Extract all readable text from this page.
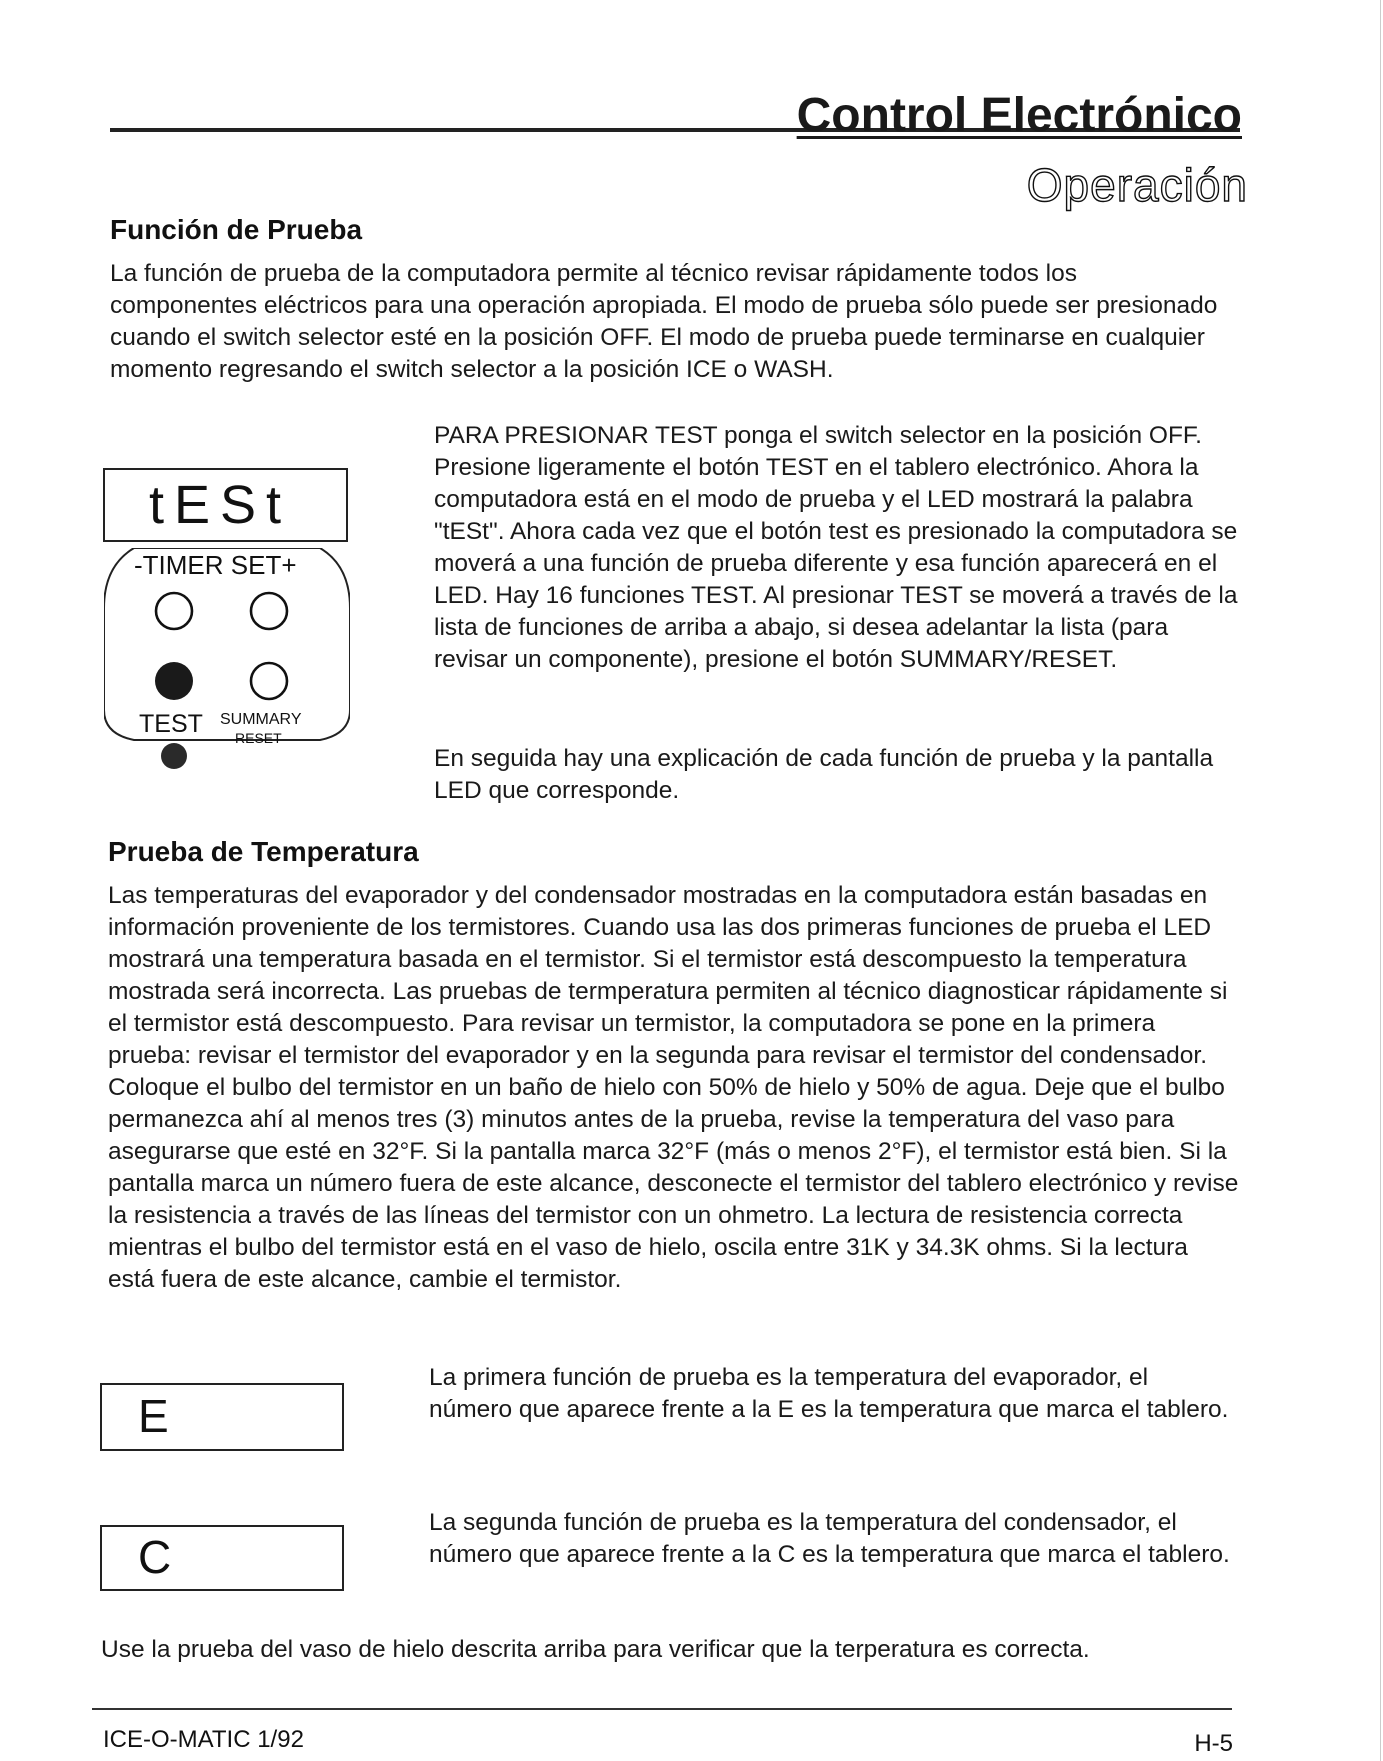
Control Electrónico
Operación
Función de Prueba
La función de prueba de la computadora permite al técnico revisar rápidamente todos los componentes eléctricos para una operación apropiada. El modo de prueba sólo puede ser presionado cuando el switch selector esté en la posición OFF. El modo de prueba puede terminarse en cualquier momento regresando el switch selector a la posición ICE o WASH.
tESt
-TIMER SET+
TEST SUMMARY
RESET
PARA PRESIONAR TEST ponga el switch selector en la posición OFF. Presione ligeramente el botón TEST en el tablero electrónico. Ahora la computadora está en el modo de prueba y el LED mostrará la palabra "tESt". Ahora cada vez que el botón test es presionado la computadora se moverá a una función de prueba diferente y esa función aparecerá en el LED. Hay 16 funciones TEST. Al presionar TEST se moverá a través de la lista de funciones de arriba a abajo, si desea adelantar la lista (para revisar un componente), presione el botón SUMMARY/RESET.
En seguida hay una explicación de cada función de prueba y la pantalla LED que corresponde.
Prueba de Temperatura
Las temperaturas del evaporador y del condensador mostradas en la computadora están basadas en información proveniente de los termistores. Cuando usa las dos primeras funciones de prueba el LED mostrará una temperatura basada en el termistor. Si el termistor está descompuesto la temperatura mostrada será incorrecta. Las pruebas de termperatura permiten al técnico diagnosticar rápidamente si el termistor está descompuesto. Para revisar un termistor, la computadora se pone en la primera prueba: revisar el termistor del evaporador y en la segunda para revisar el termistor del condensador. Coloque el bulbo del termistor en un baño de hielo con 50% de hielo y 50% de agua. Deje que el bulbo permanezca ahí al menos tres (3) minutos antes de la prueba, revise la temperatura del vaso para asegurarse que esté en 32°F. Si la pantalla marca 32°F (más o menos 2°F), el termistor está bien. Si la pantalla marca un número fuera de este alcance, desconecte el termistor del tablero electrónico y revise la resistencia a través de las líneas del termistor con un ohmetro. La lectura de resistencia correcta mientras el bulbo del termistor está en el vaso de hielo, oscila entre 31K y 34.3K ohms. Si la lectura está fuera de este alcance, cambie el termistor.
E
La primera función de prueba es la temperatura del evaporador, el número que aparece frente a la E es la temperatura que marca el tablero.
C
La segunda función de prueba es la temperatura del condensador, el número que aparece frente a la C es la temperatura que marca el tablero.
Use la prueba del vaso de hielo descrita arriba para verificar que la terperatura es correcta.
ICE-O-MATIC 1/92	H-5
